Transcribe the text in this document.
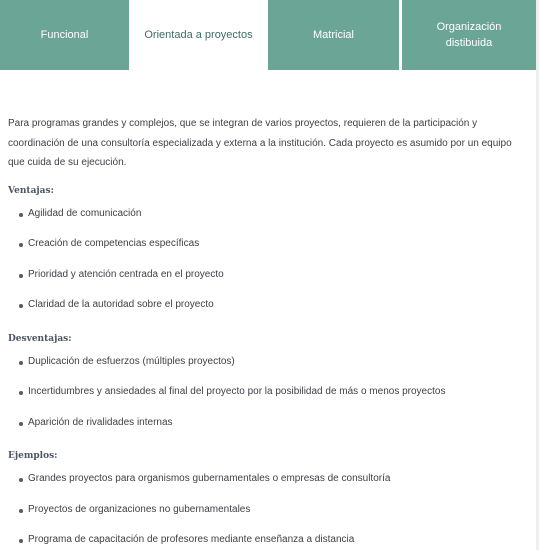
Funcional	Orientada a proyectos	Matricial
Organización
distibuida

Para programas grandes y complejos, que se integran de varios proyectos, requieren de la participación y coordinación de una consultoría especializada y externa a la institución. Cada proyecto es asumido por un equipo que cuida de su ejecución.

Ventajas:
Agilidad de comunicación
Creación de competencias específicas
Prioridad y atención centrada en el proyecto
Claridad de la autoridad sobre el proyecto
Desventajas:
Duplicación de esfuerzos (múltiples proyectos)
Incertidumbres y ansiedades al final del proyecto por la posibilidad de más o menos proyectos
Aparición de rivalidades internas
Ejemplos:
Grandes proyectos para organismos gubernamentales o empresas de consultoría
Proyectos de organizaciones no gubernamentales
Programa de capacitación de profesores mediante enseñanza a distancia
